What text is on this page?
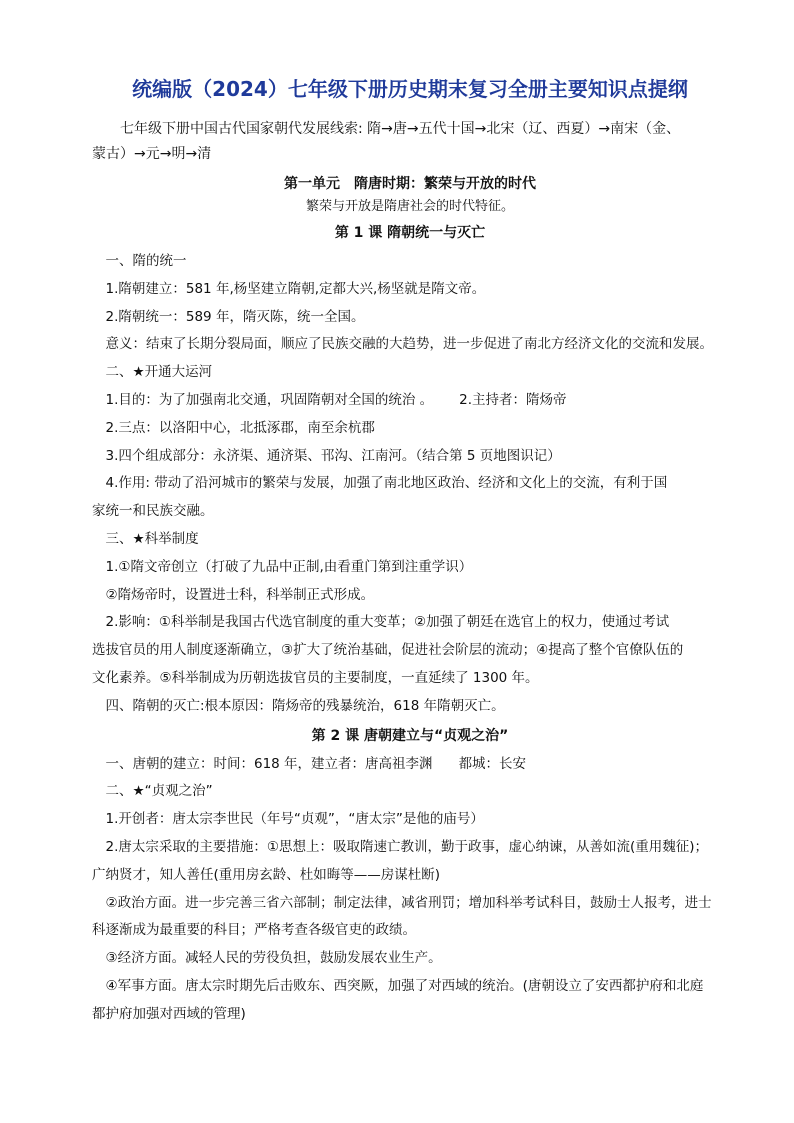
统编版（2024）七年级下册历史期末复习全册主要知识点提纲

七年级下册中国古代国家朝代发展线索: 隋→唐→五代十国→北宋（辽、西夏）→南宋（金、

蒙古）→元→明→清

第一单元　隋唐时期：繁荣与开放的时代
繁荣与开放是隋唐社会的时代特征。
第 1 课 隋朝统一与灭亡

一、隋的统一

1.隋朝建立：581 年,杨坚建立隋朝,定都大兴,杨坚就是隋文帝。

2.隋朝统一：589 年，隋灭陈，统一全国。

意义：结束了长期分裂局面，顺应了民族交融的大趋势，进一步促进了南北方经济文化的交流和发展。

二、★开通大运河

1.目的：为了加强南北交通，巩固隋朝对全国的统治 。 2.主持者：隋炀帝

2.三点：以洛阳中心，北抵涿郡，南至余杭郡

3.四个组成部分：永济渠、通济渠、邗沟、江南河。（结合第 5 页地图识记）

4.作用: 带动了沿河城市的繁荣与发展，加强了南北地区政治、经济和文化上的交流，有利于国

家统一和民族交融。

三、★科举制度

1.①隋文帝创立（打破了九品中正制,由看重门第到注重学识）

②隋炀帝时，设置进士科，科举制正式形成。

2.影响：①科举制是我国古代选官制度的重大变革；②加强了朝廷在选官上的权力，使通过考试

选拔官员的用人制度逐渐确立，③扩大了统治基础，促进社会阶层的流动；④提高了整个官僚队伍的

文化素养。⑤科举制成为历朝选拔官员的主要制度，一直延续了 1300 年。

四、隋朝的灭亡:根本原因：隋炀帝的残暴统治，618 年隋朝灭亡。

第 2 课 唐朝建立与“贞观之治”

一、唐朝的建立：时间：618 年，建立者：唐高祖李渊 都城：长安

二、★“贞观之治”

1.开创者：唐太宗李世民（年号“贞观”，“唐太宗”是他的庙号）

2.唐太宗采取的主要措施：①思想上：吸取隋速亡教训，勤于政事，虚心纳谏，从善如流(重用魏征)；

广纳贤才，知人善任(重用房玄龄、杜如晦等——房谋杜断)

②政治方面。进一步完善三省六部制；制定法律，减省刑罚；增加科举考试科目，鼓励士人报考，进士

科逐渐成为最重要的科目；严格考查各级官吏的政绩。

③经济方面。减轻人民的劳役负担，鼓励发展农业生产。

④军事方面。唐太宗时期先后击败东、西突厥，加强了对西域的统治。(唐朝设立了安西都护府和北庭

都护府加强对西域的管理)
